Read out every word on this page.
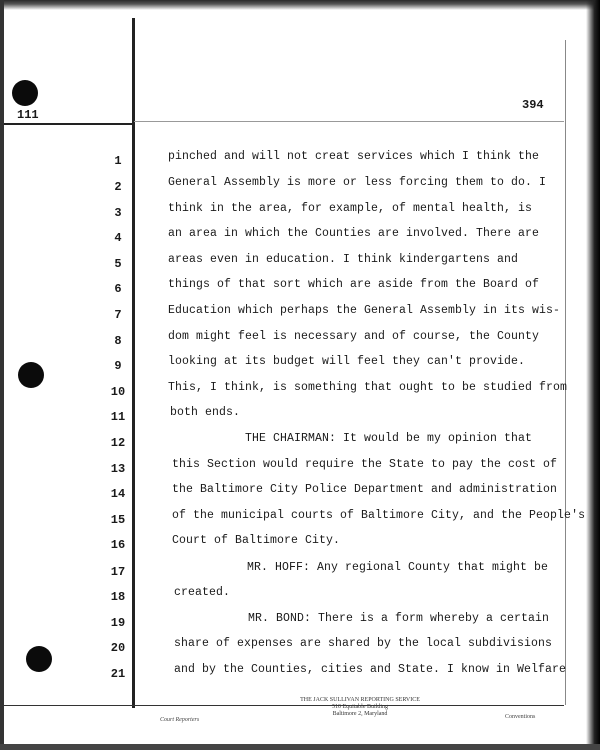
111
394
1
2
3
4
5
6
7
8
9
10
11
12
13
14
15
16
17
18
19
20
21
pinched and will not creat services which I think the
General Assembly is more or less forcing them to do. I
think in the area, for example, of mental health, is
an area in which the Counties are involved. There are
areas even in education. I think kindergartens and
things of that sort which are aside from the Board of
Education which perhaps the General Assembly in its wis-
dom might feel is necessary and of course, the County
looking at its budget will feel they can't provide.
This, I think, is something that ought to be studied from
both ends.
THE CHAIRMAN: It would be my opinion that
this Section would require the State to pay the cost of
the Baltimore City Police Department and administration
of the municipal courts of Baltimore City, and the People's
Court of Baltimore City.
MR. HOFF: Any regional County that might be
created.
MR. BOND: There is a form whereby a certain
share of expenses are shared by the local subdivisions
and by the Counties, cities and State. I know in Welfare
THE JACK SULLIVAN REPORTING SERVICE
510 Equitable Building
Baltimore 2, Maryland
Court Reporters	Conventions
